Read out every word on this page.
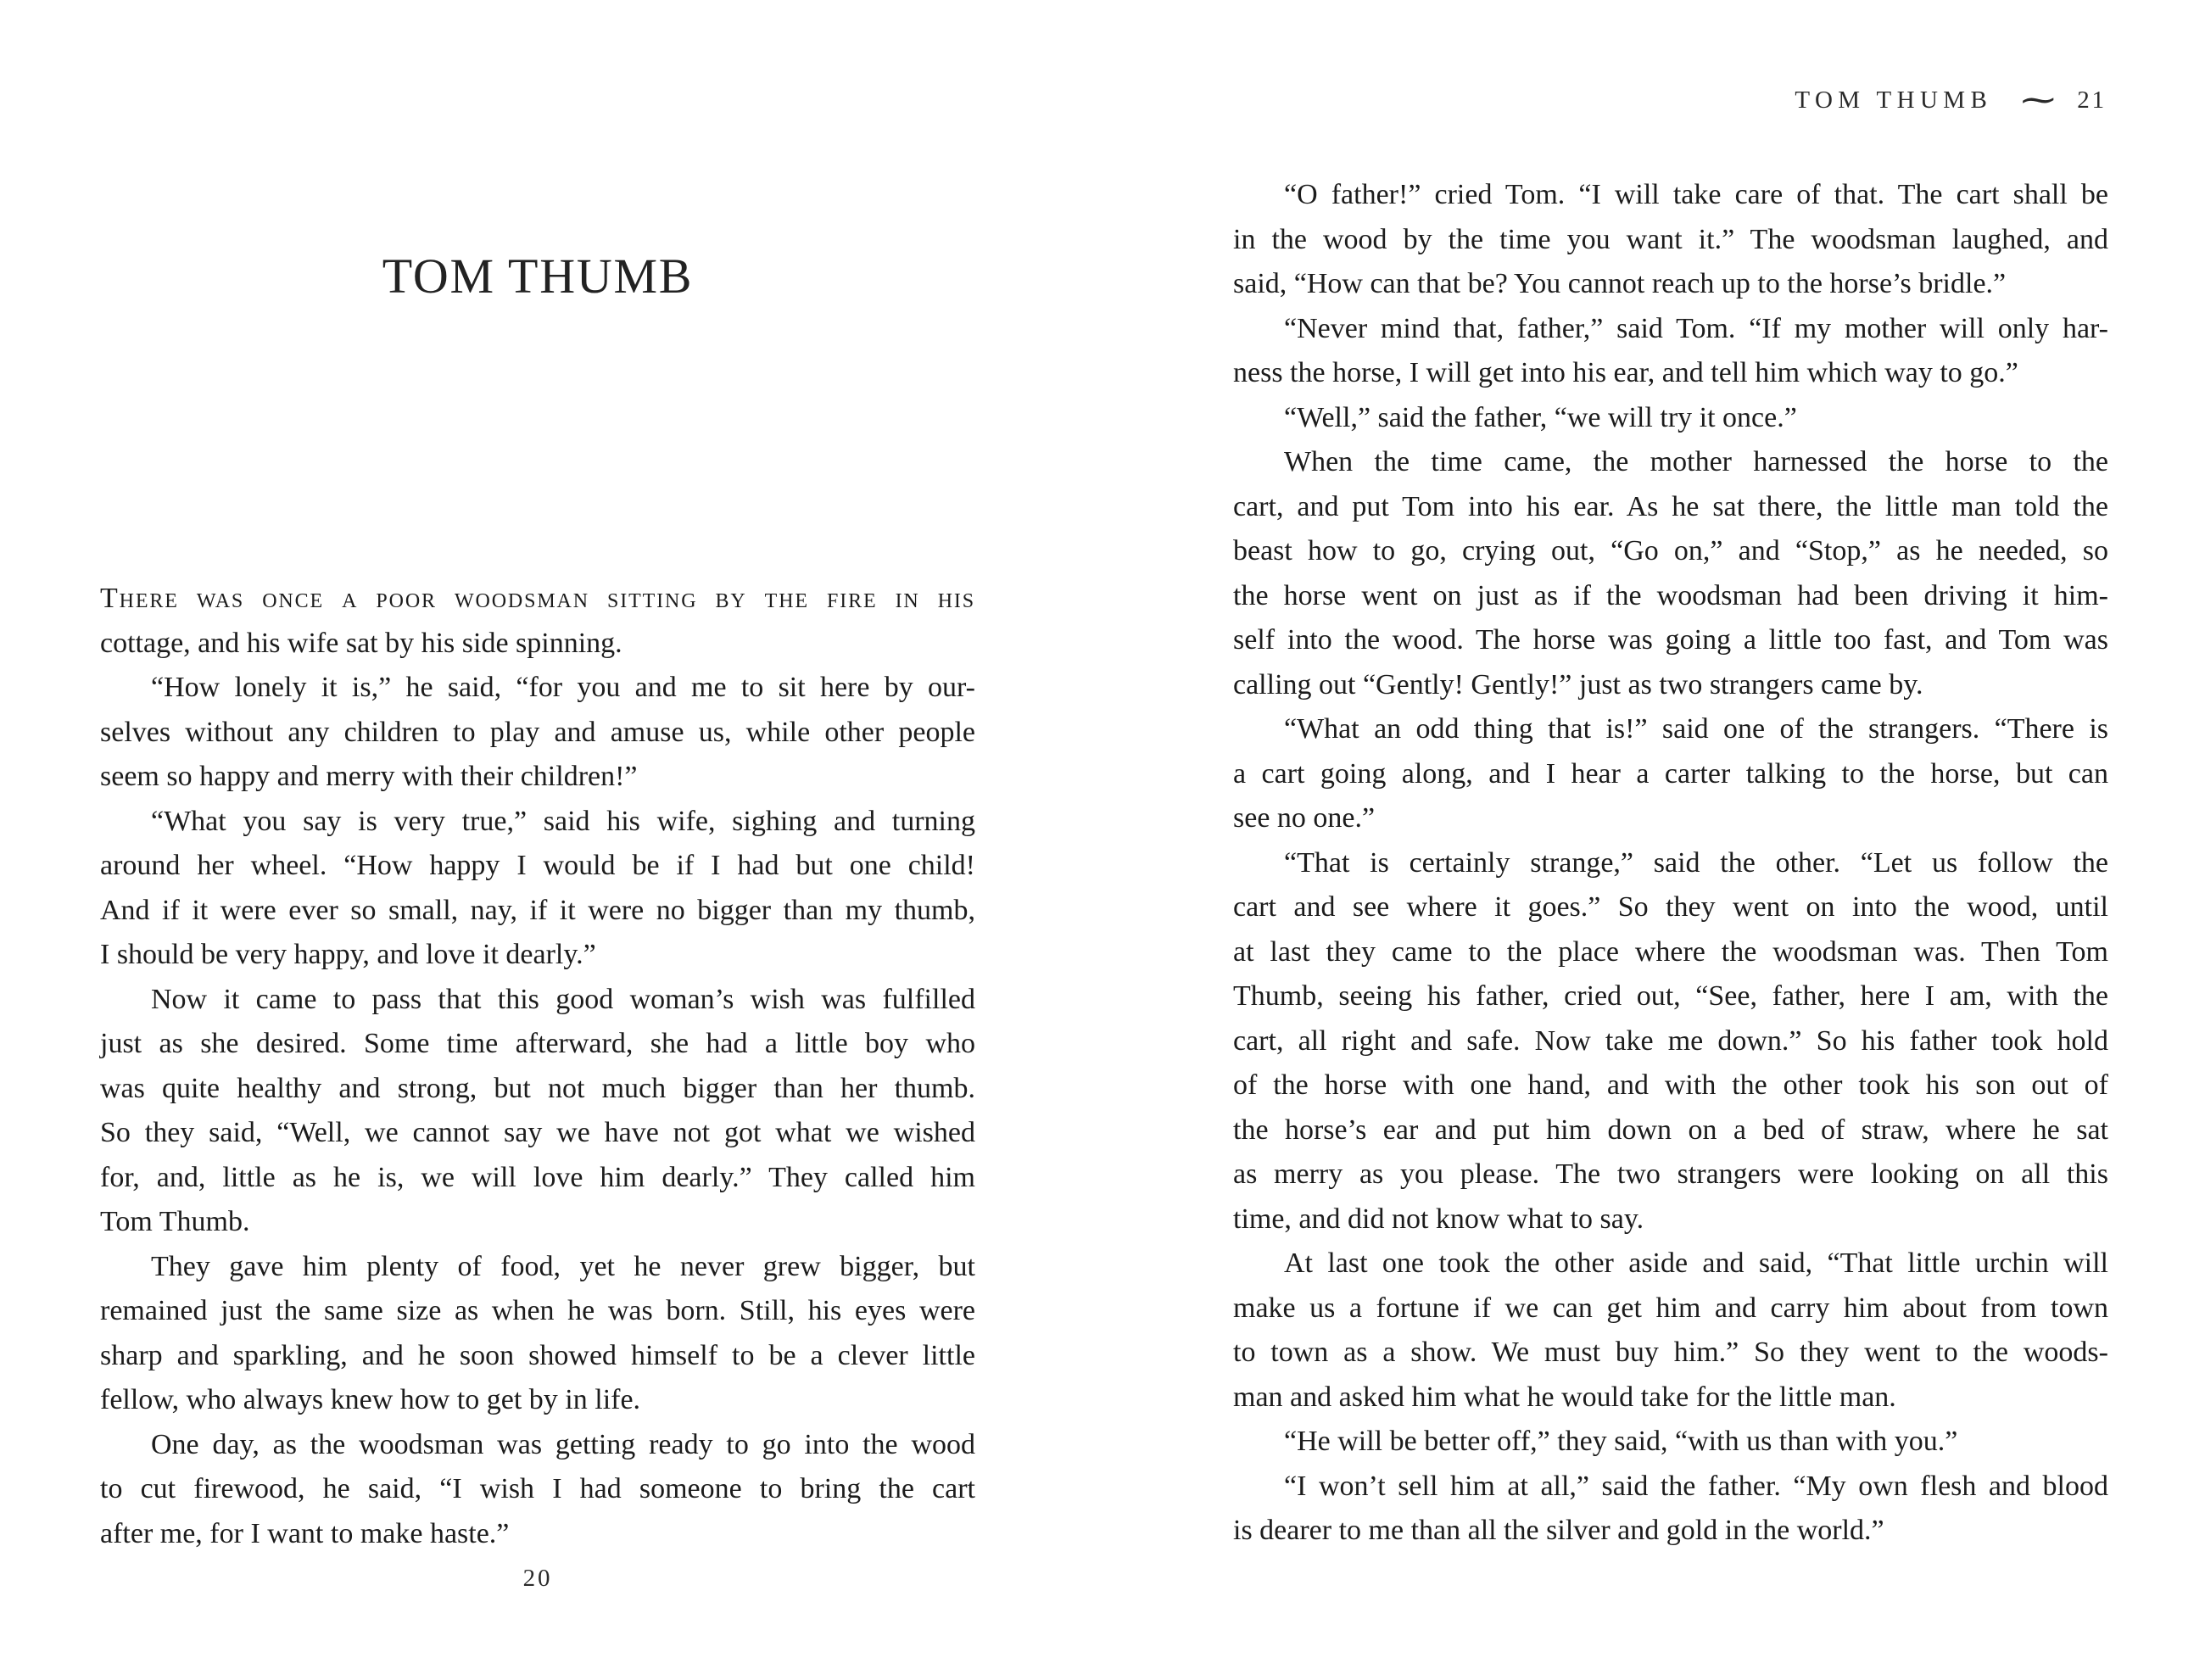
TOM THUMB
There was once a poor woodsman sitting by the fire in his
cottage, and his wife sat by his side spinning.
“How lonely it is,” he said, “for you and me to sit here by our-
selves without any children to play and amuse us, while other people
seem so happy and merry with their children!”
“What you say is very true,” said his wife, sighing and turning
around her wheel. “How happy I would be if I had but one child!
And if it were ever so small, nay, if it were no bigger than my thumb,
I should be very happy, and love it dearly.”
Now it came to pass that this good woman’s wish was fulfilled
just as she desired. Some time afterward, she had a little boy who
was quite healthy and strong, but not much bigger than her thumb.
So they said, “Well, we cannot say we have not got what we wished
for, and, little as he is, we will love him dearly.” They called him
Tom Thumb.
They gave him plenty of food, yet he never grew bigger, but
remained just the same size as when he was born. Still, his eyes were
sharp and sparkling, and he soon showed himself to be a clever little
fellow, who always knew how to get by in life.
One day, as the woodsman was getting ready to go into the wood
to cut firewood, he said, “I wish I had someone to bring the cart
after me, for I want to make haste.”
20
TOM THUMB ⁓ 21
“O father!” cried Tom. “I will take care of that. The cart shall be
in the wood by the time you want it.” The woodsman laughed, and
said, “How can that be? You cannot reach up to the horse’s bridle.”
“Never mind that, father,” said Tom. “If my mother will only har-
ness the horse, I will get into his ear, and tell him which way to go.”
“Well,” said the father, “we will try it once.”
When the time came, the mother harnessed the horse to the
cart, and put Tom into his ear. As he sat there, the little man told the
beast how to go, crying out, “Go on,” and “Stop,” as he needed, so
the horse went on just as if the woodsman had been driving it him-
self into the wood. The horse was going a little too fast, and Tom was
calling out “Gently! Gently!” just as two strangers came by.
“What an odd thing that is!” said one of the strangers. “There is
a cart going along, and I hear a carter talking to the horse, but can
see no one.”
“That is certainly strange,” said the other. “Let us follow the
cart and see where it goes.” So they went on into the wood, until
at last they came to the place where the woodsman was. Then Tom
Thumb, seeing his father, cried out, “See, father, here I am, with the
cart, all right and safe. Now take me down.” So his father took hold
of the horse with one hand, and with the other took his son out of
the horse’s ear and put him down on a bed of straw, where he sat
as merry as you please. The two strangers were looking on all this
time, and did not know what to say.
At last one took the other aside and said, “That little urchin will
make us a fortune if we can get him and carry him about from town
to town as a show. We must buy him.” So they went to the woods-
man and asked him what he would take for the little man.
“He will be better off,” they said, “with us than with you.”
“I won’t sell him at all,” said the father. “My own flesh and blood
is dearer to me than all the silver and gold in the world.”
